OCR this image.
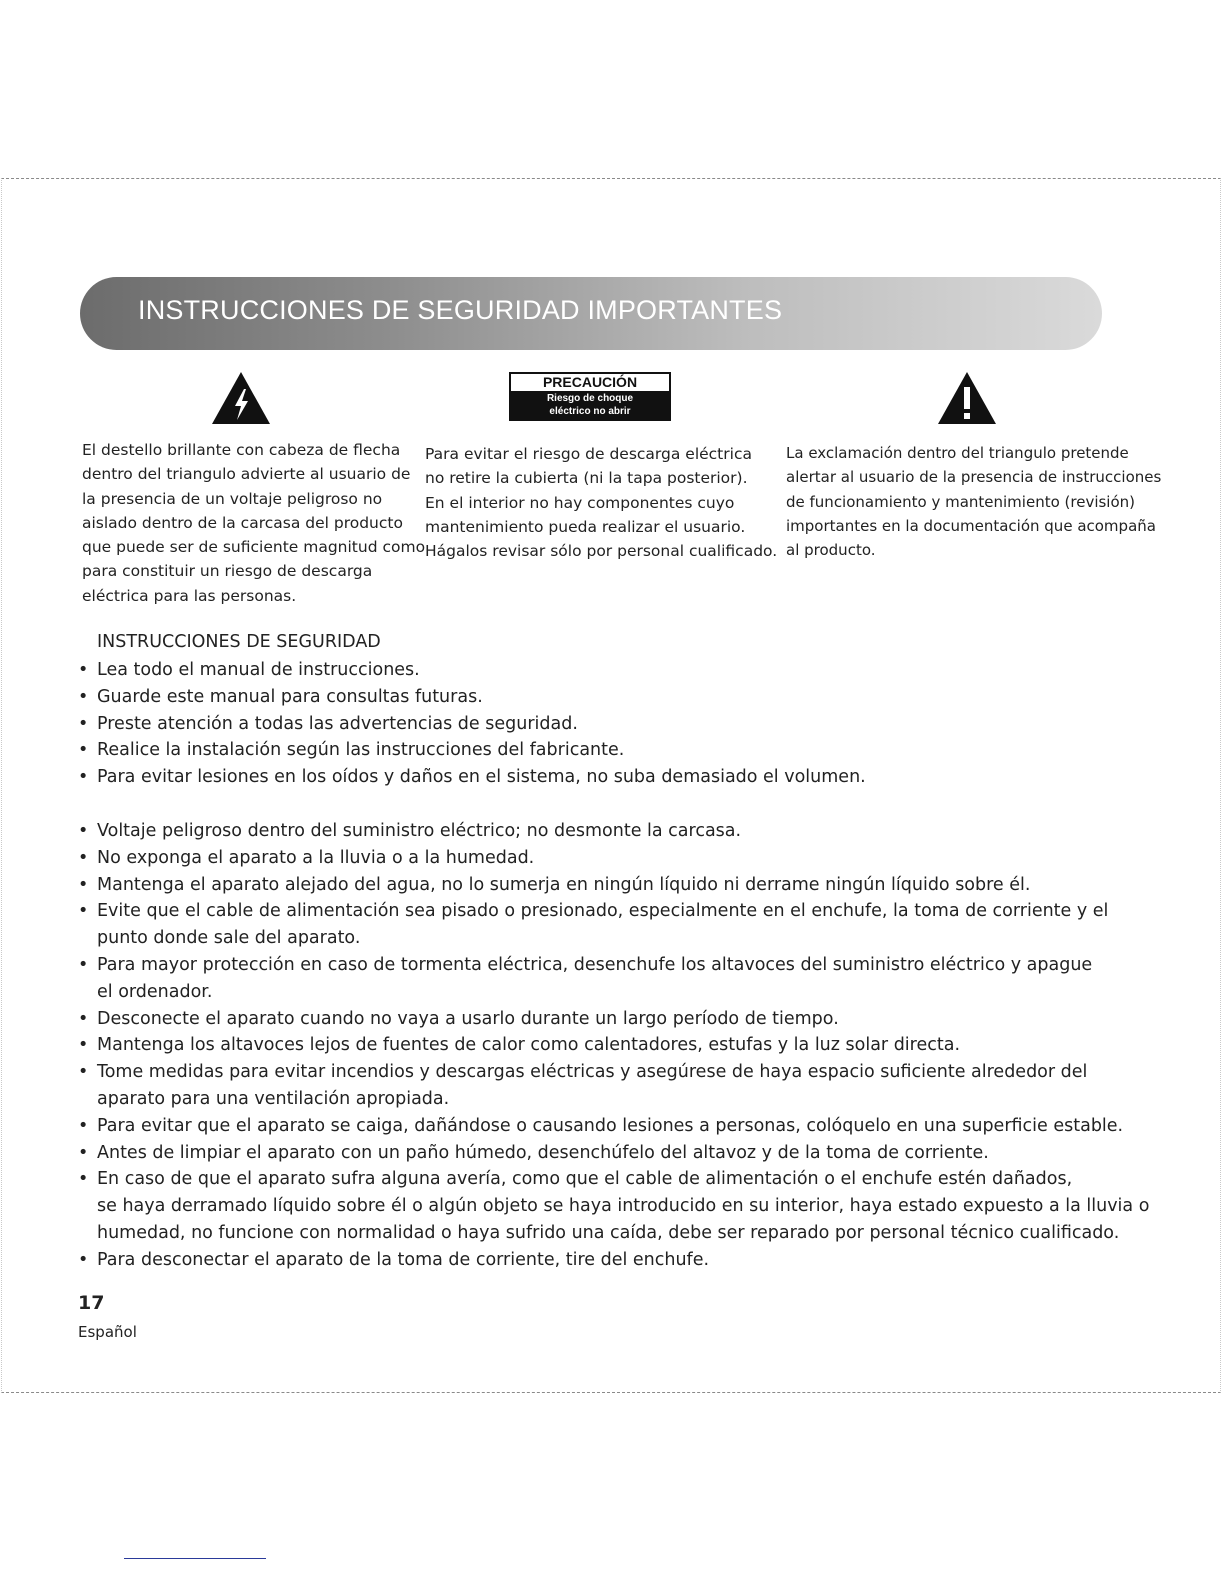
INSTRUCCIONES DE SEGURIDAD IMPORTANTES
PRECAUCIÓN
Riesgo de choque
eléctrico no abrir
El destello brillante con cabeza de flecha
dentro del triangulo advierte al usuario de
la presencia de un voltaje peligroso no
aislado dentro de la carcasa del producto
que puede ser de suficiente magnitud como
para constituir un riesgo de descarga
eléctrica para las personas.
Para evitar el riesgo de descarga eléctrica
no retire la cubierta (ni la tapa posterior).
En el interior no hay componentes cuyo
mantenimiento pueda realizar el usuario.
Hágalos revisar sólo por personal cualificado.
La exclamación dentro del triangulo pretende
alertar al usuario de la presencia de instrucciones
de funcionamiento y mantenimiento (revisión)
importantes en la documentación que acompaña
al producto.
INSTRUCCIONES DE SEGURIDAD
• Lea todo el manual de instrucciones.
• Guarde este manual para consultas futuras.
• Preste atención a todas las advertencias de seguridad.
• Realice la instalación según las instrucciones del fabricante.
• Para evitar lesiones en los oídos y daños en el sistema, no suba demasiado el volumen.
• Voltaje peligroso dentro del suministro eléctrico; no desmonte la carcasa.
• No exponga el aparato a la lluvia o a la humedad.
• Mantenga el aparato alejado del agua, no lo sumerja en ningún líquido ni derrame ningún líquido sobre él.
• Evite que el cable de alimentación sea pisado o presionado, especialmente en el enchufe, la toma de corriente y el
punto donde sale del aparato.
• Para mayor protección en caso de tormenta eléctrica, desenchufe los altavoces del suministro eléctrico y apague
el ordenador.
• Desconecte el aparato cuando no vaya a usarlo durante un largo período de tiempo.
• Mantenga los altavoces lejos de fuentes de calor como calentadores, estufas y la luz solar directa.
• Tome medidas para evitar incendios y descargas eléctricas y asegúrese de haya espacio suficiente alrededor del
aparato para una ventilación apropiada.
• Para evitar que el aparato se caiga, dañándose o causando lesiones a personas, colóquelo en una superficie estable.
• Antes de limpiar el aparato con un paño húmedo, desenchúfelo del altavoz y de la toma de corriente.
• En caso de que el aparato sufra alguna avería, como que el cable de alimentación o el enchufe estén dañados,
se haya derramado líquido sobre él o algún objeto se haya introducido en su interior, haya estado expuesto a la lluvia o
humedad, no funcione con normalidad o haya sufrido una caída, debe ser reparado por personal técnico cualificado.
• Para desconectar el aparato de la toma de corriente, tire del enchufe.
17
Español
